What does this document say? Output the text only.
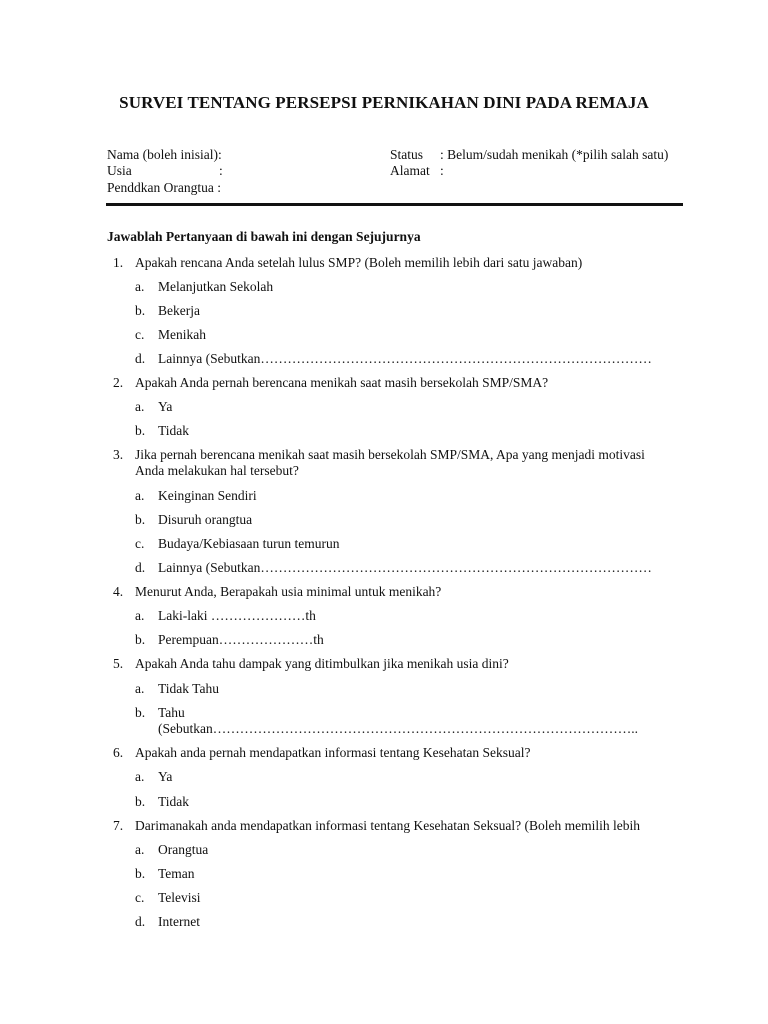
SURVEI TENTANG PERSEPSI PERNIKAHAN DINI PADA REMAJA
Nama (boleh inisial):
Usia	:
Penddkan Orangtua :
Status : Belum/sudah menikah (*pilih salah satu)
Alamat :
Jawablah Pertanyaan di bawah ini dengan Sejujurnya
1. Apakah rencana Anda setelah lulus SMP? (Boleh memilih lebih dari satu jawaban)
a. Melanjutkan Sekolah
b. Bekerja
c. Menikah
d. Lainnya (Sebutkan……………………………………………………………………………
2. Apakah Anda pernah berencana menikah saat masih bersekolah SMP/SMA?
a. Ya
b. Tidak
3. Jika pernah berencana menikah saat masih bersekolah SMP/SMA, Apa yang menjadi motivasi
Anda melakukan hal tersebut?
a. Keinginan Sendiri
b. Disuruh orangtua
c. Budaya/Kebiasaan turun temurun
d. Lainnya (Sebutkan……………………………………………………………………………
4. Menurut Anda, Berapakah usia minimal untuk menikah?
a. Laki-laki …………………th
b. Perempuan…………………th
5. Apakah Anda tahu dampak yang ditimbulkan jika menikah usia dini?
a. Tidak Tahu
b. Tahu
(Sebutkan…………………………………………………………………………………..
6. Apakah anda pernah mendapatkan informasi tentang Kesehatan Seksual?
a. Ya
b. Tidak
7. Darimanakah anda mendapatkan informasi tentang Kesehatan Seksual? (Boleh memilih lebih
a. Orangtua
b. Teman
c. Televisi
d. Internet
